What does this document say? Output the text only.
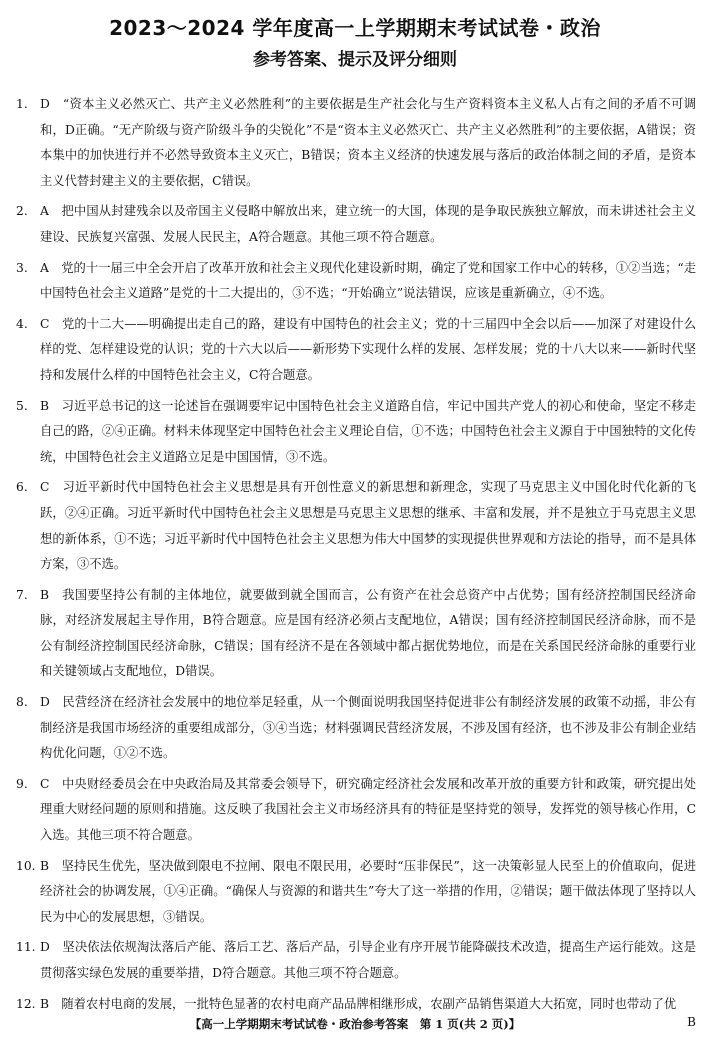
2023～2024 学年度高一上学期期末考试试卷・政治
参考答案、提示及评分细则
1. D　“资本主义必然灭亡、共产主义必然胜利”的主要依据是生产社会化与生产资料资本主义私人占有之间的矛盾不可调和，D正确。“无产阶级与资产阶级斗争的尖锐化”不是“资本主义必然灭亡、共产主义必然胜利”的主要依据，A错误；资本集中的加快进行并不必然导致资本主义灭亡，B错误；资本主义经济的快速发展与落后的政治体制之间的矛盾，是资本主义代替封建主义的主要依据，C错误。
2. A　把中国从封建残余以及帝国主义侵略中解放出来，建立统一的大国，体现的是争取民族独立解放，而未讲述社会主义建设、民族复兴富强、发展人民民主，A符合题意。其他三项不符合题意。
3. A　党的十一届三中全会开启了改革开放和社会主义现代化建设新时期，确定了党和国家工作中心的转移，①②当选；“走中国特色社会主义道路”是党的十二大提出的，③不选；“开始确立”说法错误，应该是重新确立，④不选。
4. C　党的十二大——明确提出走自己的路，建设有中国特色的社会主义；党的十三届四中全会以后——加深了对建设什么样的党、怎样建设党的认识；党的十六大以后——新形势下实现什么样的发展、怎样发展；党的十八大以来——新时代坚持和发展什么样的中国特色社会主义，C符合题意。
5. B　习近平总书记的这一论述旨在强调要牢记中国特色社会主义道路自信，牢记中国共产党人的初心和使命，坚定不移走自己的路，②④正确。材料未体现坚定中国特色社会主义理论自信，①不选；中国特色社会主义源自于中国独特的文化传统，中国特色社会主义道路立足是中国国情，③不选。
6. C　习近平新时代中国特色社会主义思想是具有开创性意义的新思想和新理念，实现了马克思主义中国化时代化新的飞跃，②④正确。习近平新时代中国特色社会主义思想是马克思主义思想的继承、丰富和发展，并不是独立于马克思主义思想的新体系，①不选；习近平新时代中国特色社会主义思想为伟大中国梦的实现提供世界观和方法论的指导，而不是具体方案，③不选。
7. B　我国要坚持公有制的主体地位，就要做到就全国而言，公有资产在社会总资产中占优势；国有经济控制国民经济命脉，对经济发展起主导作用，B符合题意。应是国有经济必须占支配地位，A错误；国有经济控制国民经济命脉，而不是公有制经济控制国民经济命脉，C错误；国有经济不是在各领域中都占据优势地位，而是在关系国民经济命脉的重要行业和关键领域占支配地位，D错误。
8. D　民营经济在经济社会发展中的地位举足轻重，从一个侧面说明我国坚持促进非公有制经济发展的政策不动摇，非公有制经济是我国市场经济的重要组成部分，③④当选；材料强调民营经济发展，不涉及国有经济，也不涉及非公有制企业结构优化问题，①②不选。
9. C　中央财经委员会在中央政治局及其常委会领导下，研究确定经济社会发展和改革开放的重要方针和政策，研究提出处理重大财经问题的原则和措施。这反映了我国社会主义市场经济具有的特征是坚持党的领导，发挥党的领导核心作用，C入选。其他三项不符合题意。
10. B　坚持民生优先，坚决做到限电不拉闸、限电不限民用，必要时“压非保民”，这一决策彰显人民至上的价值取向，促进经济社会的协调发展，①④正确。“确保人与资源的和谐共生”夸大了这一举措的作用，②错误；题干做法体现了坚持以人民为中心的发展思想，③错误。
11. D　坚决依法依规淘汰落后产能、落后工艺、落后产品，引导企业有序开展节能降碳技术改造，提高生产运行能效。这是贯彻落实绿色发展的重要举措，D符合题意。其他三项不符合题意。
12. B　随着农村电商的发展，一批特色显著的农村电商产品品牌相继形成，农副产品销售渠道大大拓宽，同时也带动了优
【高一上学期期末考试试卷・政治参考答案　第 1 页(共 2 页)】	B
